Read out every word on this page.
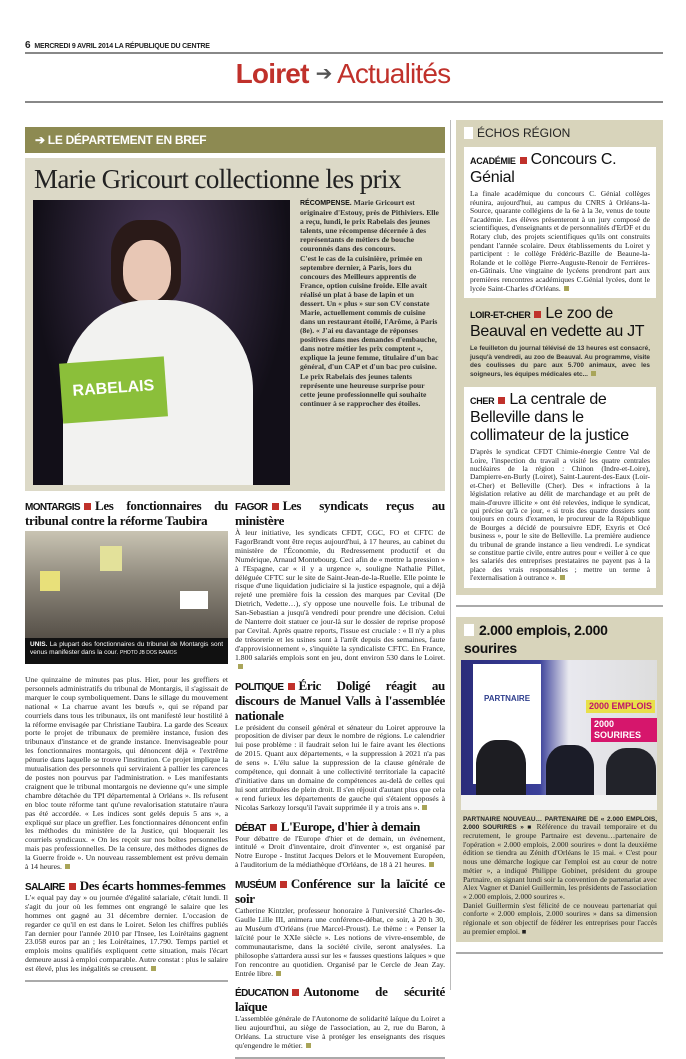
6 MERCREDI 9 AVRIL 2014 LA RÉPUBLIQUE DU CENTRE
Loiret ➔ Actualités
➔ LE DÉPARTEMENT EN BREF
Marie Gricourt collectionne les prix
RABELAIS

RÉCOMPENSE. Marie Gricourt est originaire d'Estouy, près de Pithiviers. Elle a reçu, lundi, le prix Rabelais des jeunes talents, une récompense décernée à des représentants de métiers de bouche couronnés dans des concours.

C'est le cas de la cuisinière, primée en septembre dernier, à Paris, lors du concours des Meilleurs apprentis de France, option cuisine froide. Elle avait réalisé un plat à base de lapin et un dessert. Un « plus » sur son CV constate Marie, actuellement commis de cuisine dans un restaurant étoilé, l'Arôme, à Paris (8e). « J'ai eu davantage de réponses positives dans mes demandes d'embauche, dans notre métier les prix comptent », explique la jeune femme, titulaire d'un bac général, d'un CAP et d'un bac pro cuisine.

Le prix Rabelais des jeunes talents représente une heureuse surprise pour cette jeune professionnelle qui souhaite continuer à se rapprocher des étoiles.

MONTARGIS Les fonctionnaires du tribunal contre la réforme Taubira
UNIS. La plupart des fonctionnaires du tribunal de Montargis sont venus manifester dans la cour. PHOTO JB DOS RAMOS

Une quinzaine de minutes pas plus. Hier, pour les greffiers et personnels administratifs du tribunal de Montargis, il s'agissait de marquer le coup symboliquement. Dans le sillage du mouvement national « La charrue avant les bœufs », qui se répand par courriels dans tous les tribunaux, ils ont manifesté leur hostilité à la réforme envisagée par Christiane Taubira. La garde des Sceaux porte le projet de tribunaux de première instance, fusion des tribunaux d'instance et de grande instance. Inenvisageable pour les fonctionnaires montargois, qui dénoncent déjà « l'extrême pénurie dans laquelle se trouve l'institution. Ce projet implique la mutualisation des personnels qui serviraient à pallier les carences de postes non pourvus par l'administration. » Les manifestants craignent que le tribunal montargois ne devienne qu'« une simple chambre détachée du TPI départemental à Orléans ». Ils refusent en bloc toute réforme tant qu'une revalorisation statutaire n'aura pas été accordée. « Les indices sont gelés depuis 5 ans », a expliqué sur place un greffier. Les fonctionnaires dénoncent enfin les méthodes du ministère de la Justice, qui bloquerait les courriels syndicaux. « On les reçoit sur nos boîtes personnelles mais pas professionnelles. De la censure, des méthodes dignes de la Guerre froide ». Un nouveau rassemblement est prévu demain à 14 heures.

SALAIRE Des écarts hommes-femmes

L'« equal pay day » ou journée d'égalité salariale, c'était lundi. Il s'agit du jour où les femmes ont engrangé le salaire que les hommes ont gagné au 31 décembre dernier. L'occasion de regarder ce qu'il en est dans le Loiret. Selon les chiffres publiés l'an dernier pour l'année 2010 par l'Insee, les Loirétains gagnent 23.058 euros par an ; les Loirétaines, 17.790. Temps partiel et emplois moins qualifiés expliquent cette situation, mais l'écart demeure aussi à emploi comparable. Autre constat : plus le salaire est élevé, plus les inégalités se creusent.

FAGOR Les syndicats reçus au ministère

À leur initiative, les syndicats CFDT, CGC, FO et CFTC de FagorBrandt vont être reçus aujourd'hui, à 17 heures, au cabinet du ministère de l'Économie, du Redressement productif et du Numérique, Arnaud Montebourg. Ceci afin de « mettre la pression » à l'Espagne, car « il y a urgence », souligne Nathalie Pillet, déléguée CFTC sur le site de Saint-Jean-de-la-Ruelle. Elle pointe le risque d'une liquidation judiciaire si la justice espagnole, qui a déjà rejeté une première fois la cession des marques par Cevital (De Dietrich, Vedette…), s'y oppose une nouvelle fois. Le tribunal de San-Sebastian a jusqu'à vendredi pour prendre une décision. Celui de Nanterre doit statuer ce jour-là sur le dossier de reprise proposé par Cevital. Après quatre reports, l'issue est cruciale : « Il n'y a plus de trésorerie et les usines sont à l'arrêt depuis des semaines, faute d'approvisionnement », s'inquiète la syndicaliste CFTC. En France, 1.800 salariés emplois sont en jeu, dont environ 530 dans le Loiret.

POLITIQUE Éric Doligé réagit au discours de Manuel Valls à l'assemblée nationale

Le président du conseil général et sénateur du Loiret approuve la proposition de diviser par deux le nombre de régions. Le calendrier lui pose problème : il faudrait selon lui le faire avant les élections de 2015. Quant aux départements, « la suppression à 2021 n'a pas de sens ». L'élu salue la suppression de la clause générale de compétence, qui donnait à une collectivité territoriale la capacité d'initiative dans un domaine de compétences au-delà de celles qui lui sont attribuées de plein droit. Il s'en réjouit d'autant plus que cela « rend furieux les départements de gauche qui s'étaient opposés à Nicolas Sarkozy lorsqu'il l'avait supprimée il y a trois ans ».

DÉBAT L'Europe, d'hier à demain

Pour débattre de l'Europe d'hier et de demain, un événement, intitulé « Droit d'inventaire, droit d'inventer », est organisé par Notre Europe - Institut Jacques Delors et le Mouvement Européen, à l'auditorium de la médiathèque d'Orléans, de 18 à 21 heures.

MUSÉUM Conférence sur la laïcité ce soir

Catherine Kintzler, professeur honoraire à l'université Charles-de-Gaulle Lille III, animera une conférence-débat, ce soir, à 20 h 30, au Muséum d'Orléans (rue Marcel-Proust). Le thème : « Penser la laïcité pour le XXIe siècle ». Les notions de vivre-ensemble, de communautarisme, dans la société civile, seront analysées. La philosophe s'attardera aussi sur les « fausses questions laïques » que l'on rencontre au quotidien. Organisé par le Cercle de Jean Zay. Entrée libre.

ÉDUCATION Autonome de sécurité laïque

L'assemblée générale de l'Autonome de solidarité laïque du Loiret a lieu aujourd'hui, au siège de l'association, au 2, rue du Baron, à Orléans. La structure vise à protéger les enseignants des risques qu'engendre le métier.

ÉCHOS RÉGION
ACADÉMIE Concours C. Génial

La finale académique du concours C. Génial collèges réunira, aujourd'hui, au campus du CNRS à Orléans-la-Source, quarante collégiens de la 6e à la 3e, venus de toute l'académie. Les élèves présenteront à un jury composé de scientifiques, d'enseignants et de personnalités d'ErDF et du Rotary club, des projets scientifiques qu'ils ont construits pendant l'année scolaire. Deux établissements du Loiret y participent : le collège Frédéric-Bazille de Beaune-la-Rolande et le collège Pierre-Auguste-Renoir de Ferrières-en-Gâtinais. Une vingtaine de lycéens prendront part aux premières rencontres académiques C.Génial lycées, dont le lycée Saint-Charles d'Orléans.

LOIR-ET-CHER Le zoo de Beauval en vedette au JT

Le feuilleton du journal télévisé de 13 heures est consacré, jusqu'à vendredi, au zoo de Beauval. Au programme, visite des coulisses du parc aux 5.700 animaux, avec les soigneurs, les équipes médicales etc...

CHER La centrale de Belleville dans le collimateur de la justice

D'après le syndicat CFDT Chimie-énergie Centre Val de Loire, l'inspection du travail a visité les quatre centrales nucléaires de la région : Chinon (Indre-et-Loire), Dampierre-en-Burly (Loiret), Saint-Laurent-des-Eaux (Loir-et-Cher) et Belleville (Cher). Des « infractions à la législation relative au délit de marchandage et au prêt de main-d'œuvre illicite » ont été relevées, indique le syndicat, qui précise qu'à ce jour, « si trois des quatre dossiers sont toujours en cours d'examen, le procureur de la République de Bourges a décidé de poursuivre EDF, Exyris et Océ business », pour le site de Belleville. La première audience du tribunal de grande instance a lieu vendredi. Le syndicat se constitue partie civile, entre autres pour « veiller à ce que les salariés des entreprises prestataires ne payent pas à la place des vrais responsables ; mettre un terme à l'externalisation à outrance ».

2.000 emplois, 2.000 sourires
PARTNAIRE
2000 EMPLOIS
2000 SOURIRES

PARTNAIRE NOUVEAU… PARTENAIRE DE « 2.000 EMPLOIS, 2.000 SOURIRES » ■ Référence du travail temporaire et du recrutement, le groupe Partnaire est devenu…partenaire de l'opération « 2.000 emplois, 2.000 sourires » dont la deuxième édition se tiendra au Zénith d'Orléans le 15 mai. « C'est pour nous une démarche logique car l'emploi est au cœur de notre métier », a indiqué Philippe Gobinet, président du groupe Partnaire, en signant lundi soir la convention de partenariat avec Alex Vagner et Daniel Guillermin, les présidents de l'association « 2.000 emplois, 2.000 sourires ».

Daniel Guillermin s'est félicité de ce nouveau partenariat qui conforte « 2.000 emplois, 2.000 sourires » dans sa dimension régionale et son objectif de fédérer les entreprises pour l'accès au premier emploi. ■
